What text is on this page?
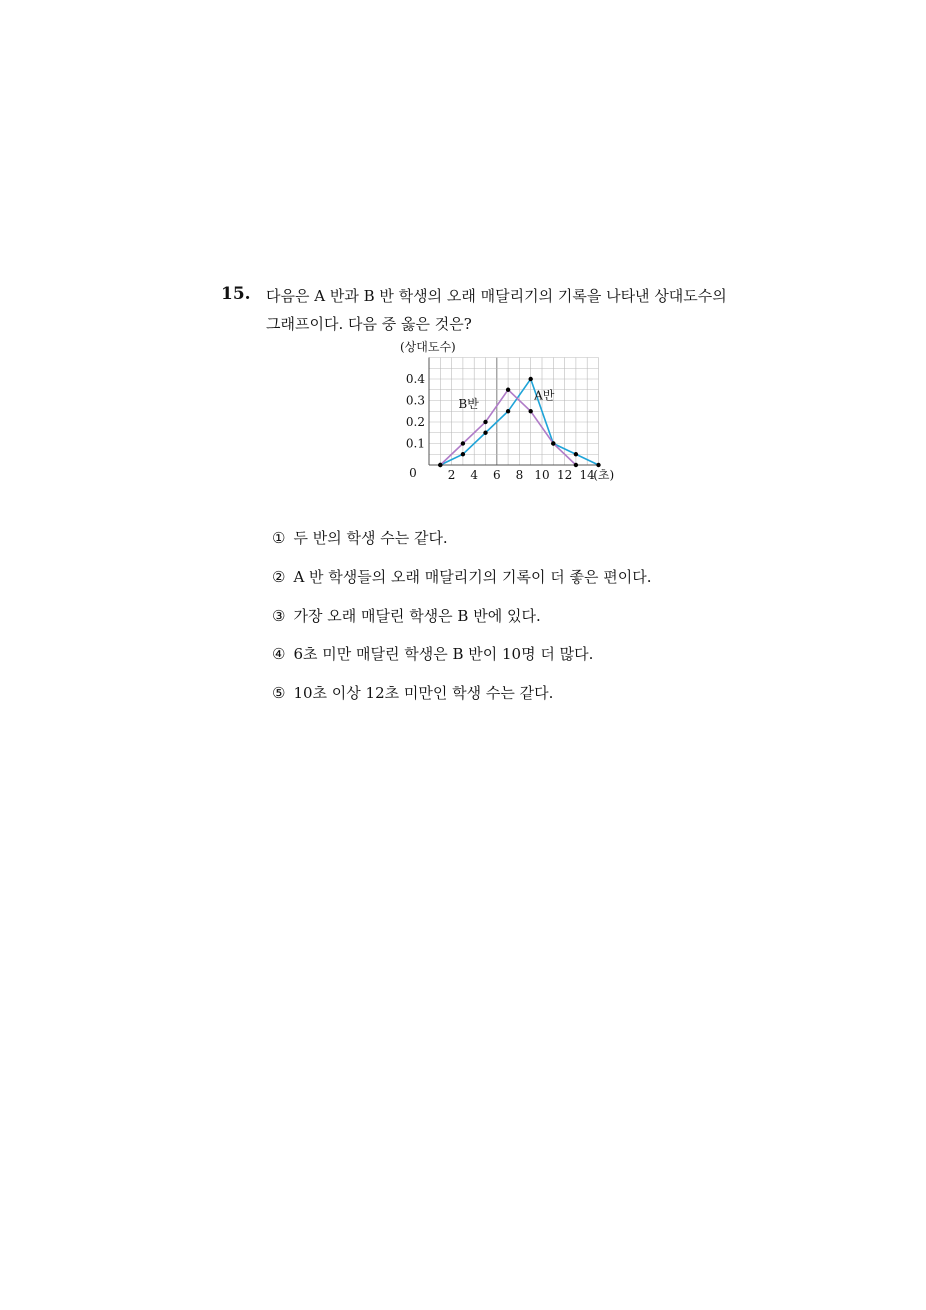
15. 다음은 A 반과 B 반 학생의 오래 매달리기의 기록을 나타낸 상대도수의
그래프이다. 다음 중 옳은 것은?
2 4 6 8 10 12 14
0.1
0.2
0.3
0.4
0	(초)
(상대도수)
A반
B반
① 두 반의 학생 수는 같다.
② A 반 학생들의 오래 매달리기의 기록이 더 좋은 편이다.
③ 가장 오래 매달린 학생은 B 반에 있다.
④ 6초 미만 매달린 학생은 B 반이 10명 더 많다.
⑤ 10초 이상 12초 미만인 학생 수는 같다.
